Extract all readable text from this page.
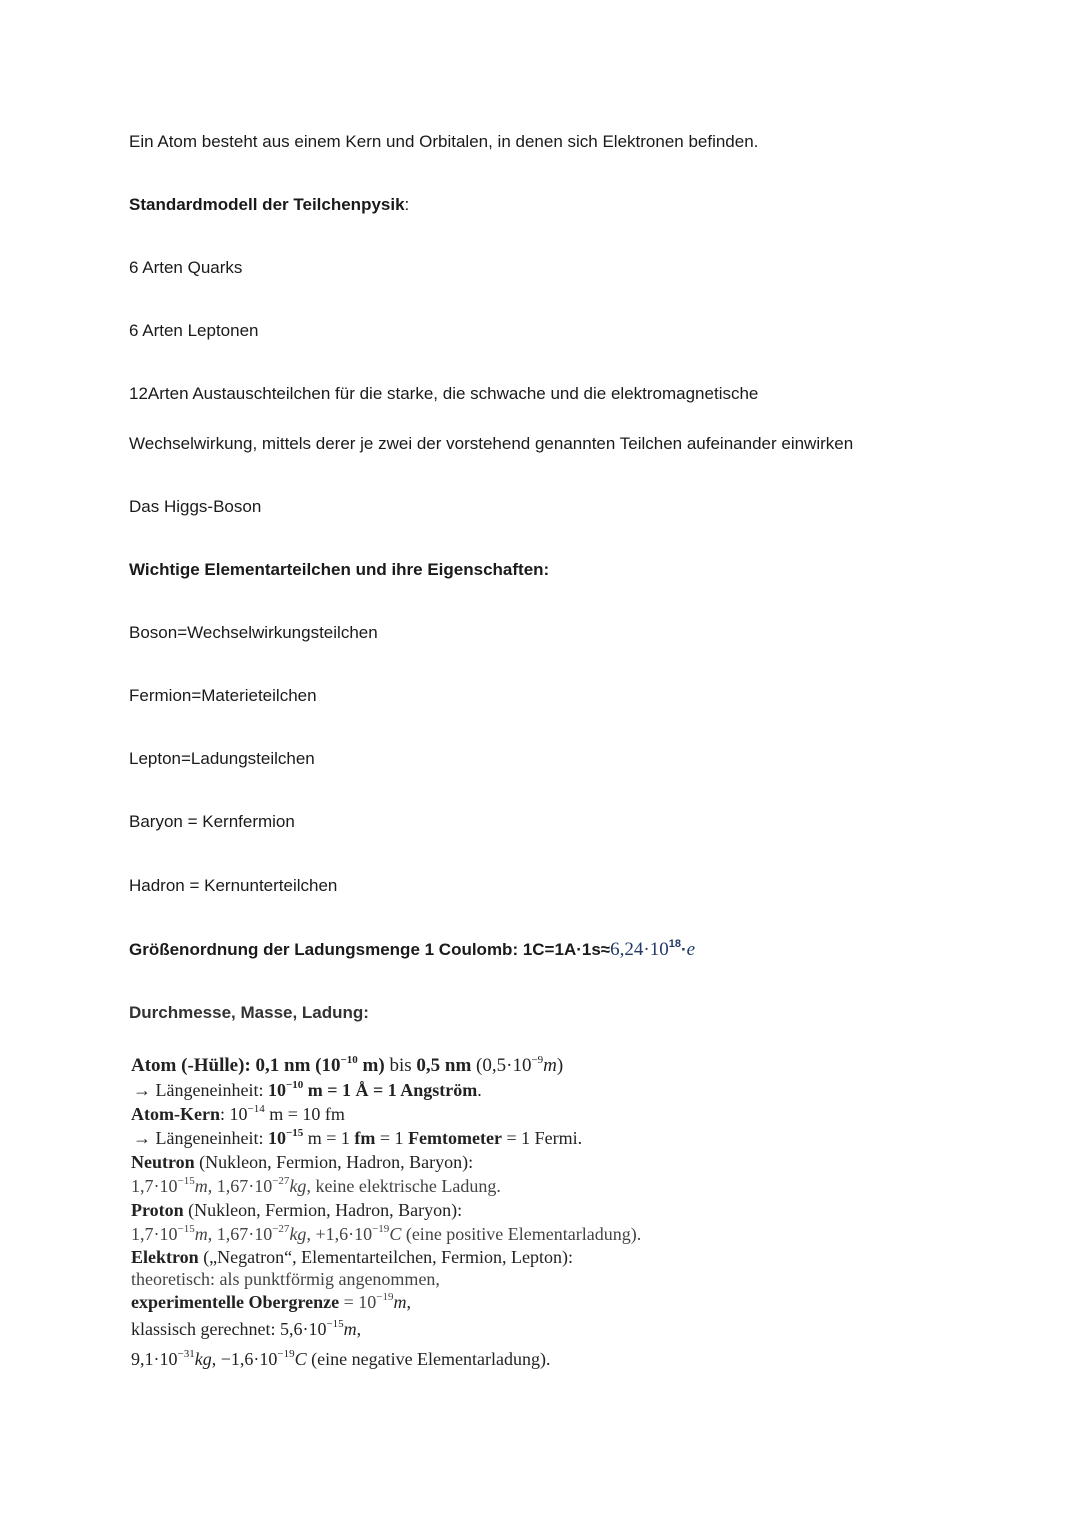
Ein Atom besteht aus einem Kern und Orbitalen, in denen sich Elektronen befinden.

Standardmodell der Teilchenpysik:

6 Arten Quarks

6 Arten Leptonen

12Arten Austauschteilchen für die starke, die schwache und die elektromagnetische

Wechselwirkung, mittels derer je zwei der vorstehend genannten Teilchen aufeinander einwirken

Das Higgs-Boson

Wichtige Elementarteilchen und ihre Eigenschaften:

Boson=Wechselwirkungsteilchen

Fermion=Materieteilchen

Lepton=Ladungsteilchen

Baryon = Kernfermion

Hadron = Kernunterteilchen

Größenordnung der Ladungsmenge 1 Coulomb: $1C=1A\cdot 1s\approx 6,24\cdot 10^{18}\cdot e$

Durchmesse, Masse, Ladung:

Atom (-Hülle): 0,1 nm ($10^{-10}$ m) bis 0,5 nm $(0,5\cdot 10^{-9}m)$

→ Längeneinheit: $10^{-10}$ m = 1 Å = 1 Angström.

Atom-Kern: $10^{-14}$ m = 10 fm

→ Längeneinheit: $10^{-15}$ m = 1 fm = 1 Femtometer = 1 Fermi.

Neutron (Nukleon, Fermion, Hadron, Baryon):

$1,7\cdot 10^{-15}m$, $1,67\cdot 10^{-27}kg$, keine elektrische Ladung.

Proton (Nukleon, Fermion, Hadron, Baryon):

$1,7\cdot 10^{-15}m$, $1,67\cdot 10^{-27}kg$, $+1,6\cdot 10^{-19}C$ (eine positive Elementarladung).

Elektron („Negatron“, Elementarteilchen, Fermion, Lepton):

theoretisch: als punktförmig angenommen,

experimentelle Obergrenze = $10^{-19}m$,

klassisch gerechnet: $5,6\cdot 10^{-15}m$,

$9,1\cdot 10^{-31}kg$, $-1,6\cdot 10^{-19}C$ (eine negative Elementarladung).
